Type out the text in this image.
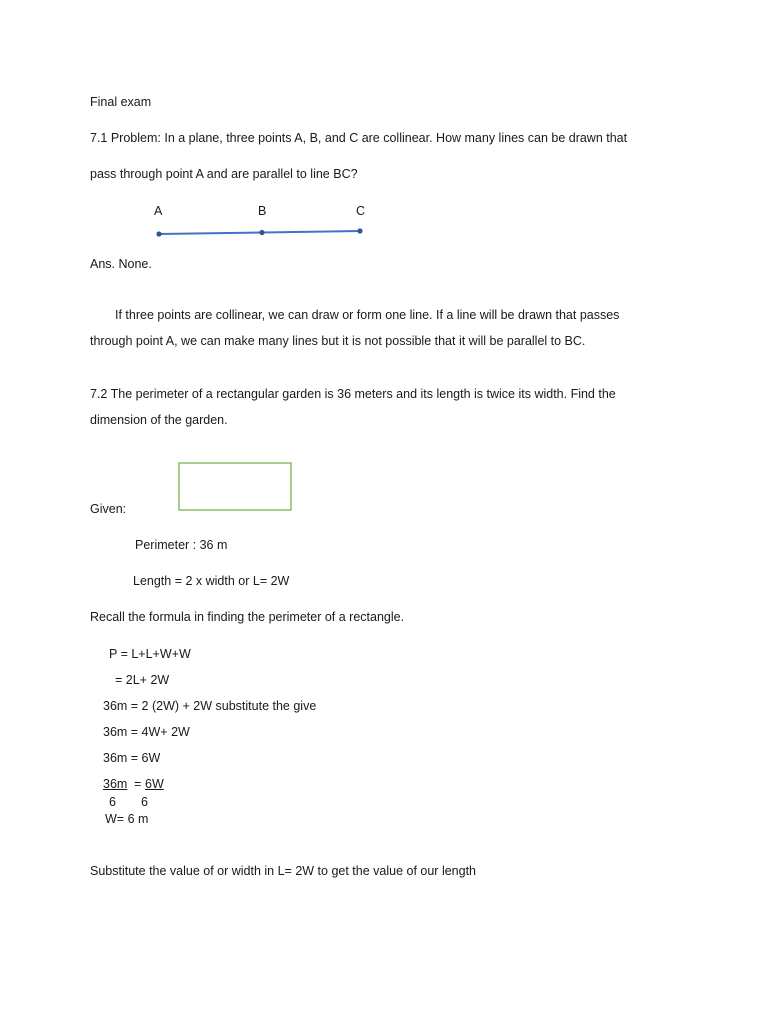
Final exam
7.1 Problem: In a plane, three points A, B, and C are collinear. How many lines can be drawn that
pass through point A and are parallel to line BC?
A	B	C
Ans. None.
If three points are collinear, we can draw or form one line. If a line will be drawn that passes
through point A, we can make many lines but it is not possible that it will be parallel to BC.
7.2 The perimeter of a rectangular garden is 36 meters and its length is twice its width. Find the
dimension of the garden.
Given:
Perimeter : 36 m
Length = 2 x width or L= 2W
Recall the formula in finding the perimeter of a rectangle.
P = L+L+W+W
= 2L+ 2W
36m = 2 (2W) + 2W substitute the give
36m = 4W+ 2W
36m = 6W
36m = 6W
6 6
W= 6 m
Substitute the value of or width in L= 2W to get the value of our length
